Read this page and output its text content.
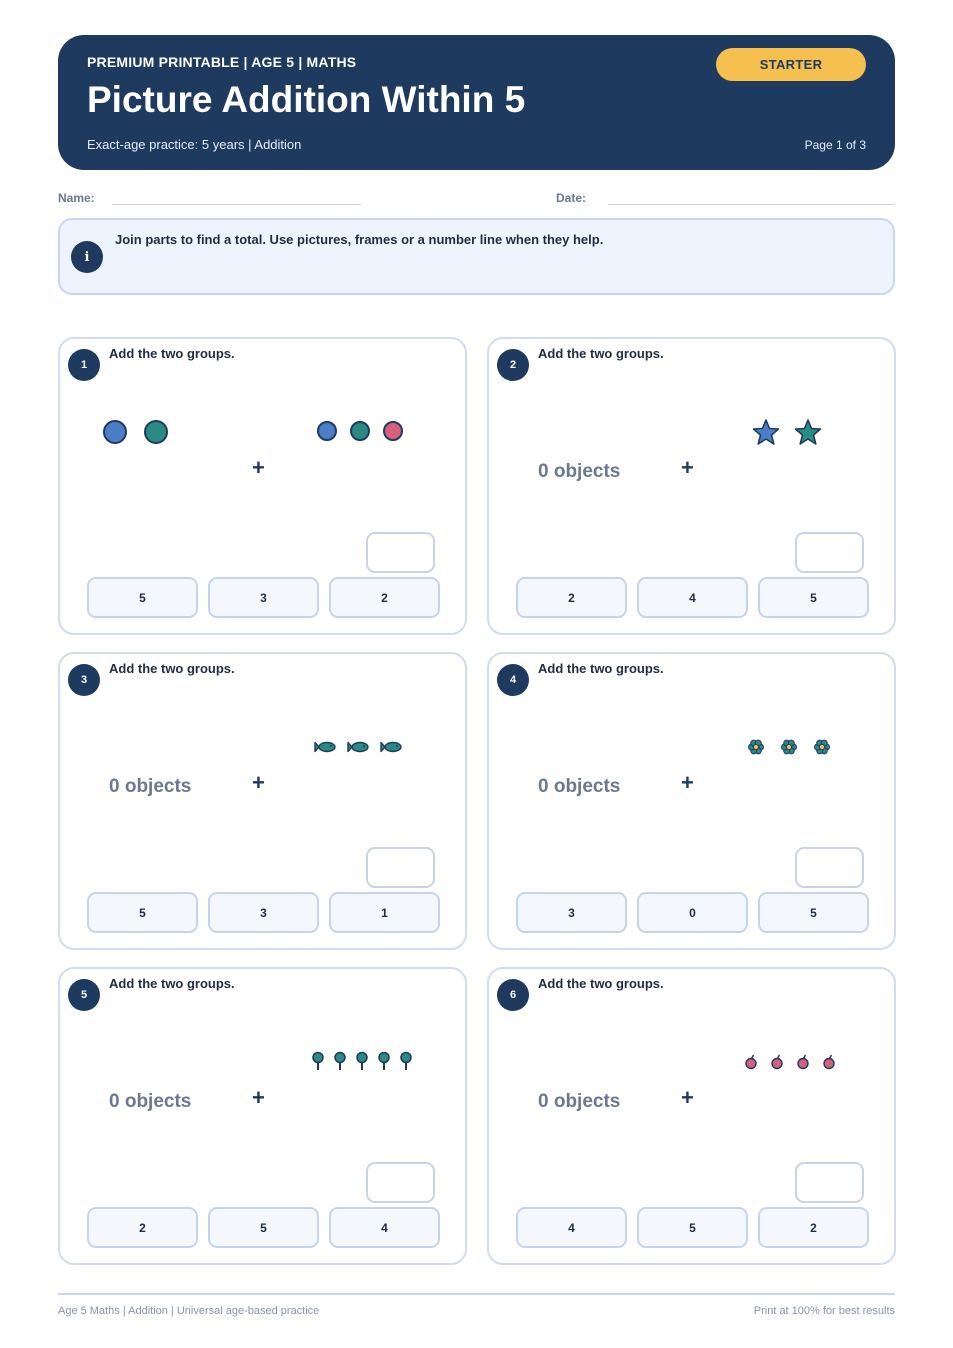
PREMIUM PRINTABLE | AGE 5 | MATHS
Picture Addition Within 5
Exact-age practice: 5 years | Addition
STARTER
Page 1 of 3
Name:	Date:
i
Join parts to find a total. Use pictures, frames or a number line when they help.
1
Add the two groups.
+
5	3	2
2
Add the two groups.
0 objects	+
2	4	5
3
Add the two groups.
0 objects	+
5	3	1
4
Add the two groups.
0 objects	+
3	0	5
5
Add the two groups.
0 objects	+
2	5	4
6
Add the two groups.
0 objects	+
4	5	2
Age 5 Maths | Addition | Universal age-based practice	Print at 100% for best results
